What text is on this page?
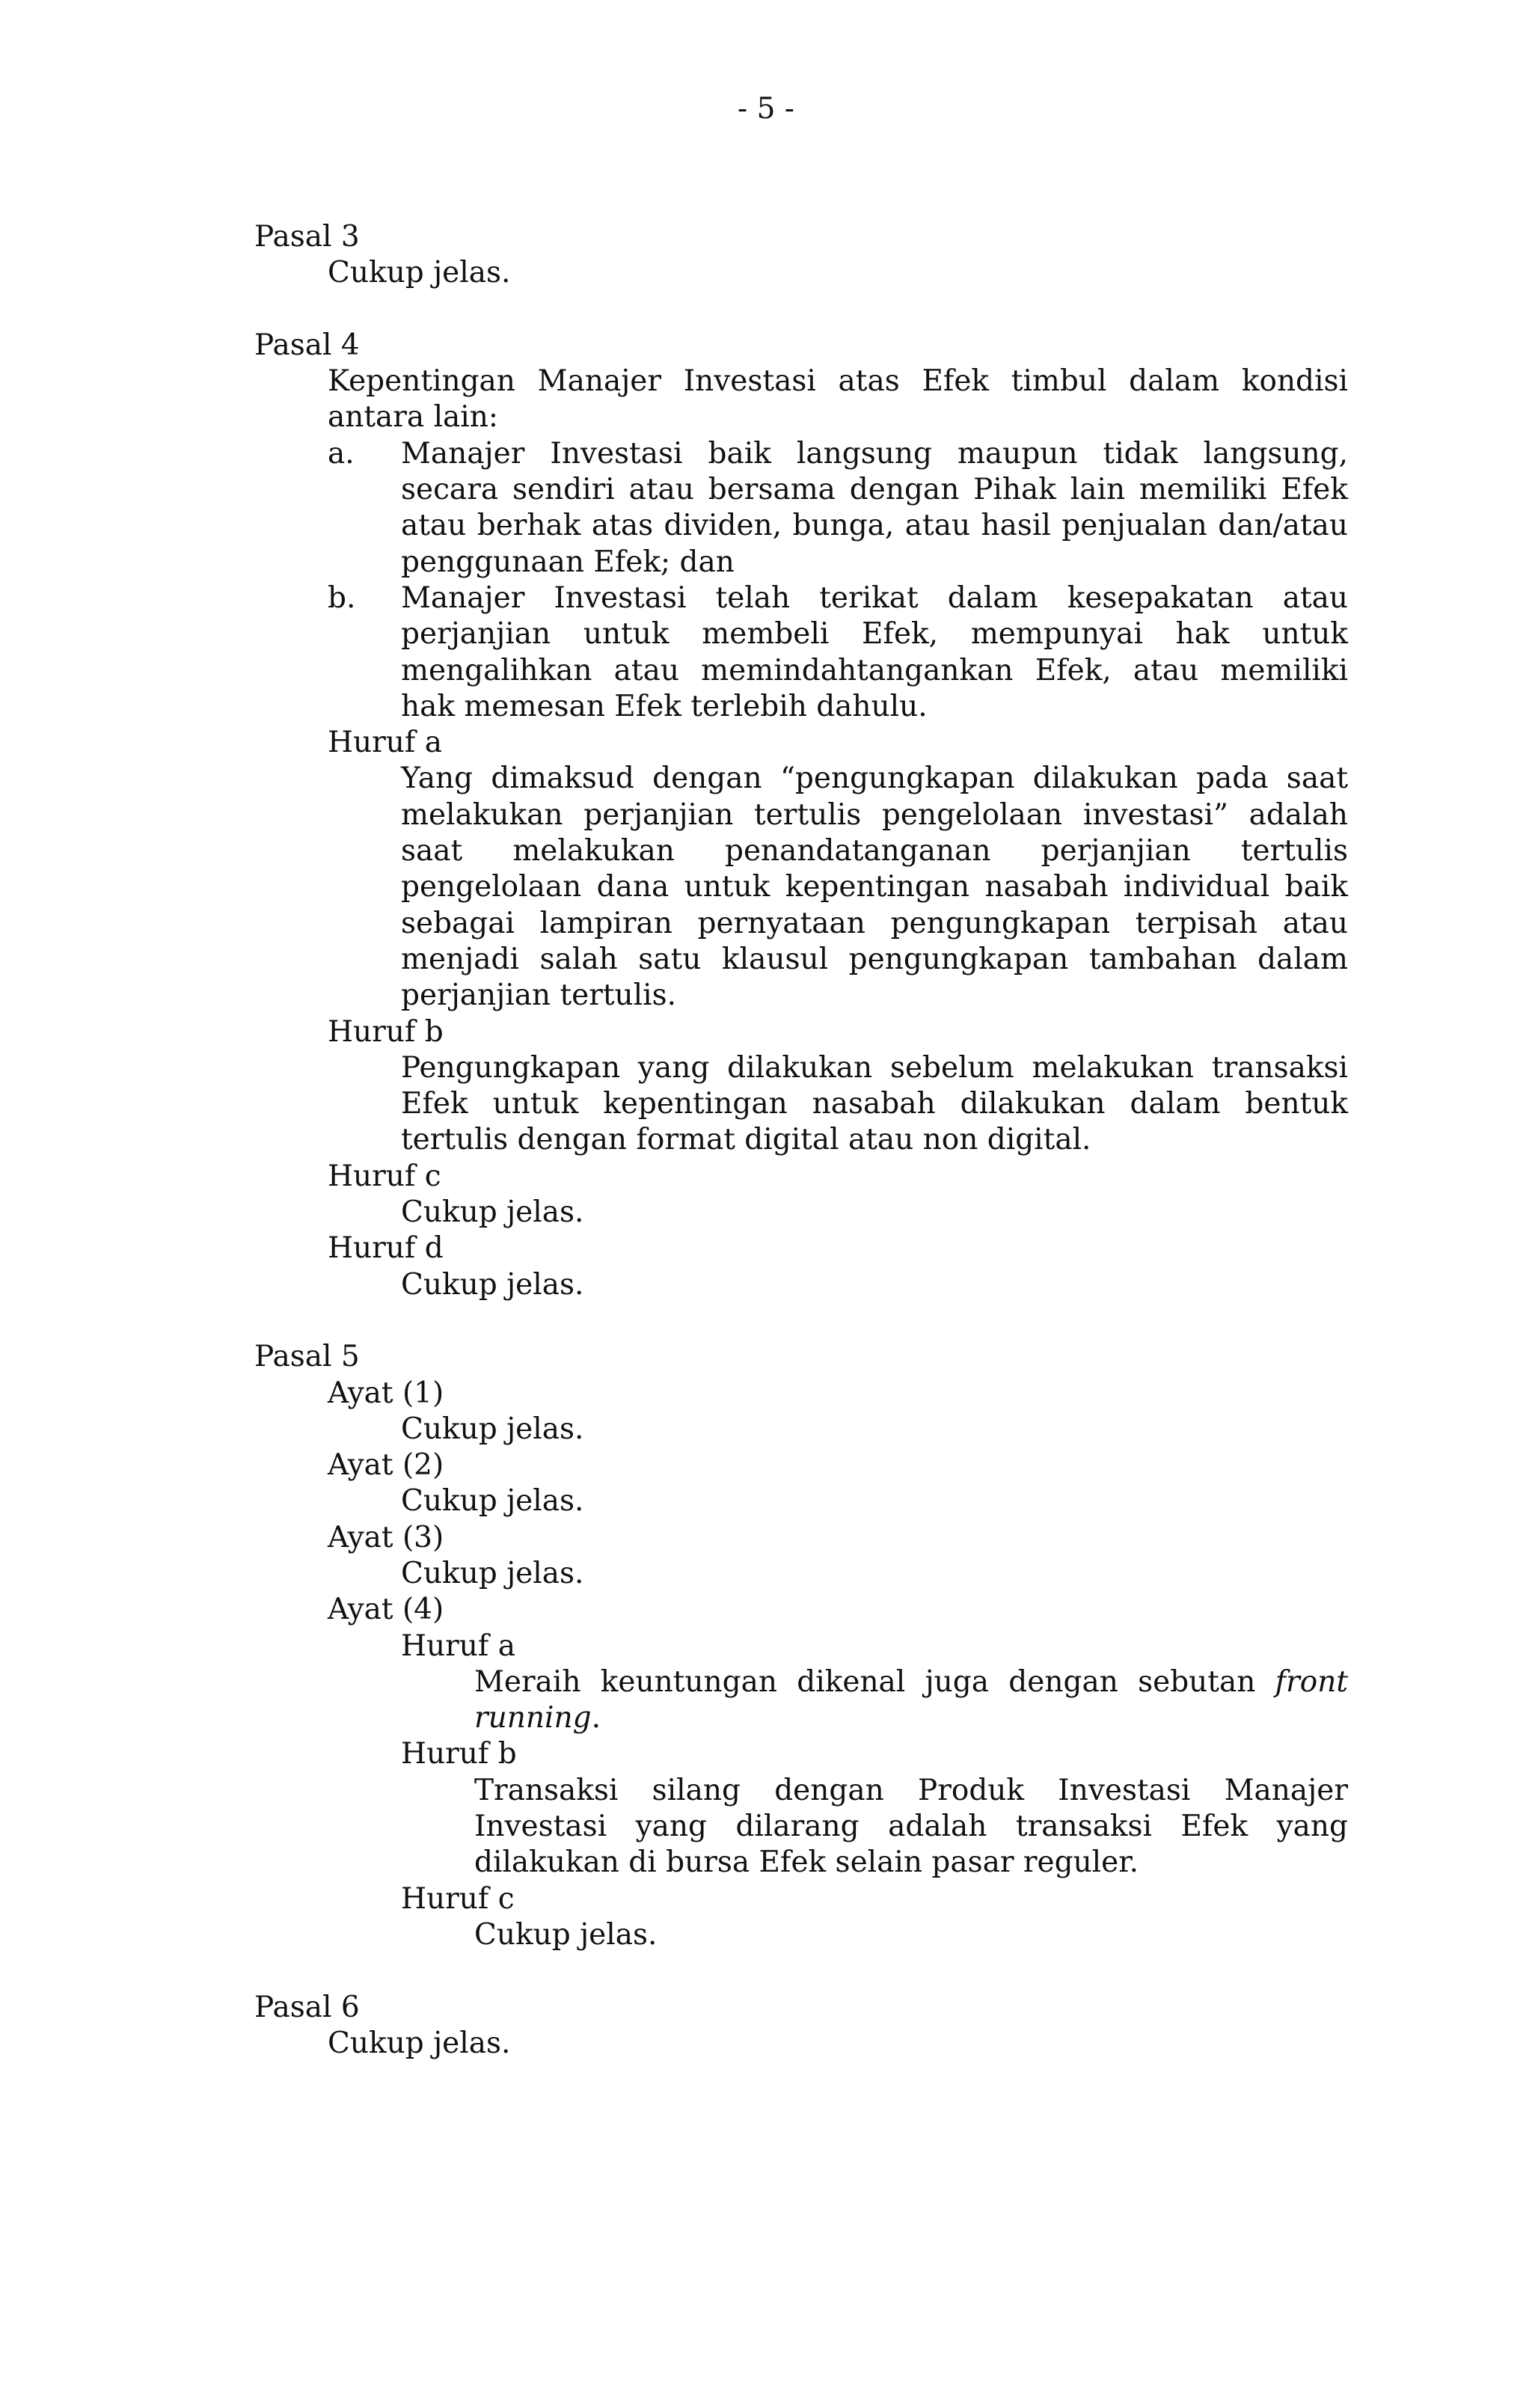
- 5 -

Pasal 3

Cukup jelas.

Pasal 4

Kepentingan Manajer Investasi atas Efek timbul dalam kondisi antara lain:

a.	Manajer Investasi baik langsung maupun tidak langsung, secara sendiri atau bersama dengan Pihak lain memiliki Efek atau berhak atas dividen, bunga, atau hasil penjualan dan/atau penggunaan Efek; dan
b.	Manajer Investasi telah terikat dalam kesepakatan atau perjanjian untuk membeli Efek, mempunyai hak untuk mengalihkan atau memindahtangankan Efek, atau memiliki hak memesan Efek terlebih dahulu.

Huruf a

Yang dimaksud dengan “pengungkapan dilakukan pada saat melakukan perjanjian tertulis pengelolaan investasi” adalah saat melakukan penandatanganan perjanjian tertulis pengelolaan dana untuk kepentingan nasabah individual baik sebagai lampiran pernyataan pengungkapan terpisah atau menjadi salah satu klausul pengungkapan tambahan dalam perjanjian tertulis.

Huruf b

Pengungkapan yang dilakukan sebelum melakukan transaksi Efek untuk kepentingan nasabah dilakukan dalam bentuk tertulis dengan format digital atau non digital.

Huruf c

Cukup jelas.

Huruf d

Cukup jelas.

Pasal 5

Ayat (1)

Cukup jelas.

Ayat (2)

Cukup jelas.

Ayat (3)

Cukup jelas.

Ayat (4)

Huruf a

Meraih keuntungan dikenal juga dengan sebutan front running.

Huruf b

Transaksi silang dengan Produk Investasi Manajer Investasi yang dilarang adalah transaksi Efek yang dilakukan di bursa Efek selain pasar reguler.

Huruf c

Cukup jelas.

Pasal 6

Cukup jelas.
